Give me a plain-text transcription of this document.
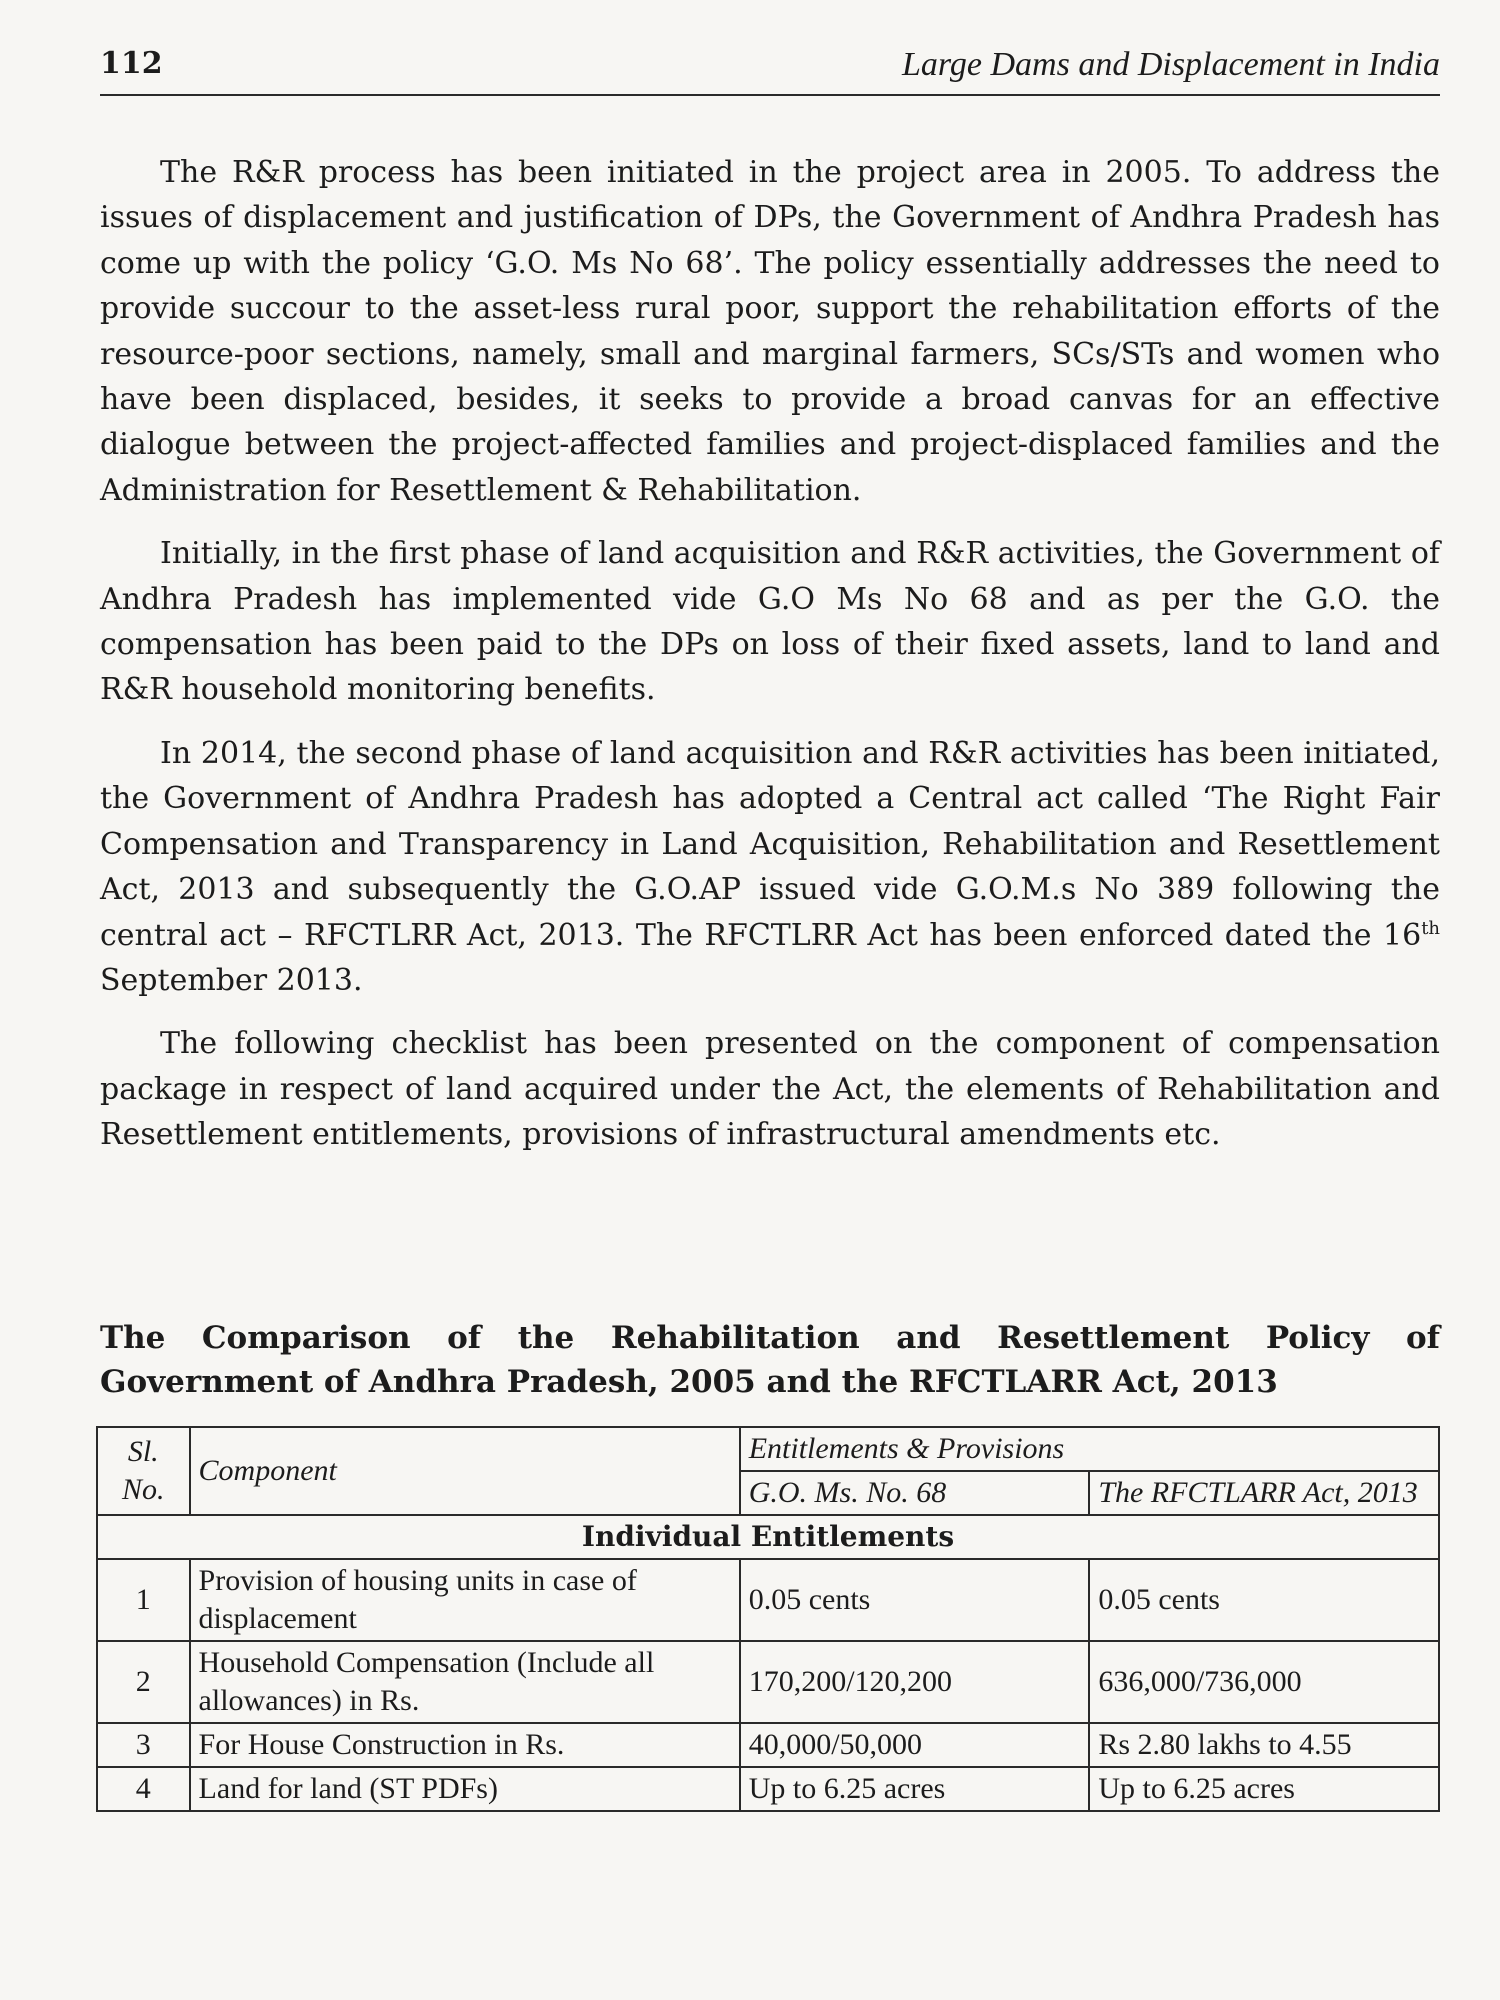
112	Large Dams and Displacement in India

The R&R process has been initiated in the project area in 2005. To address the issues of displacement and justification of DPs, the Government of Andhra Pradesh has come up with the policy ‘G.O. Ms No 68’. The policy essentially addresses the need to provide succour to the asset-less rural poor, support the rehabilitation efforts of the resource-poor sections, namely, small and marginal farmers, SCs/STs and women who have been displaced, besides, it seeks to provide a broad canvas for an effective dialogue between the project-affected families and project-displaced families and the Administration for Resettlement & Rehabilitation.

Initially, in the first phase of land acquisition and R&R activities, the Government of Andhra Pradesh has implemented vide G.O Ms No 68 and as per the G.O. the compensation has been paid to the DPs on loss of their fixed assets, land to land and R&R household monitoring benefits.

In 2014, the second phase of land acquisition and R&R activities has been initiated, the Government of Andhra Pradesh has adopted a Central act called ‘The Right Fair Compensation and Transparency in Land Acquisition, Rehabilitation and Resettlement Act, 2013 and subsequently the G.O.AP issued vide G.O.M.s No 389 following the central act – RFCTLRR Act, 2013. The RFCTLRR Act has been enforced dated the 16th September 2013.

The following checklist has been presented on the component of compensation package in respect of land acquired under the Act, the elements of Rehabilitation and Resettlement entitlements, provisions of infrastructural amendments etc.

The Comparison of the Rehabilitation and Resettlement Policy of Government of Andhra Pradesh, 2005 and the RFCTLARR Act, 2013
Sl. No.	Component	Entitlements & Provisions	
		G.O. Ms. No. 68	The RFCTLARR Act, 2013
Individual Entitlements			
1	Provision of housing units in case of displacement	0.05 cents	0.05 cents
2	Household Compensation (Include all allowances) in Rs.	170,200/120,200	636,000/736,000
3	For House Construction in Rs.	40,000/50,000	Rs 2.80 lakhs to 4.55
4	Land for land (ST PDFs)	Up to 6.25 acres	Up to 6.25 acres
